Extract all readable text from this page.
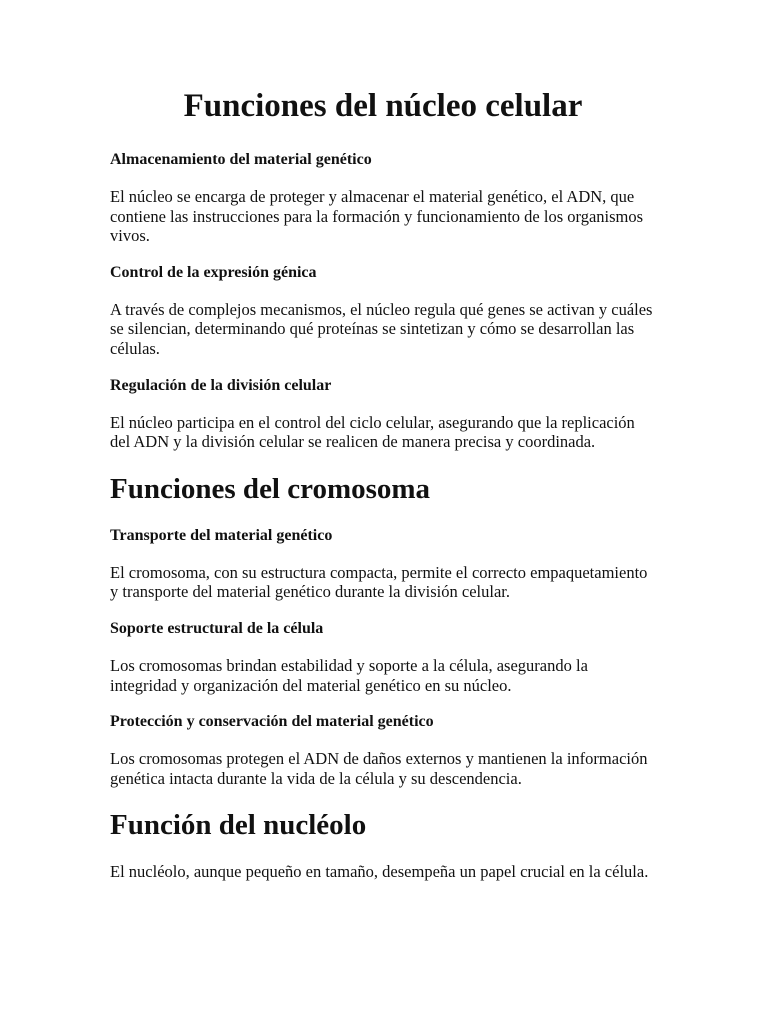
Funciones del núcleo celular
Almacenamiento del material genético

El núcleo se encarga de proteger y almacenar el material genético, el ADN, que contiene las instrucciones para la formación y funcionamiento de los organismos vivos.

Control de la expresión génica

A través de complejos mecanismos, el núcleo regula qué genes se activan y cuáles se silencian, determinando qué proteínas se sintetizan y cómo se desarrollan las células.

Regulación de la división celular

El núcleo participa en el control del ciclo celular, asegurando que la replicación del ADN y la división celular se realicen de manera precisa y coordinada.

Funciones del cromosoma
Transporte del material genético

El cromosoma, con su estructura compacta, permite el correcto empaquetamiento y transporte del material genético durante la división celular.

Soporte estructural de la célula

Los cromosomas brindan estabilidad y soporte a la célula, asegurando la integridad y organización del material genético en su núcleo.

Protección y conservación del material genético

Los cromosomas protegen el ADN de daños externos y mantienen la información genética intacta durante la vida de la célula y su descendencia.

Función del nucléolo

El nucléolo, aunque pequeño en tamaño, desempeña un papel crucial en la célula.
